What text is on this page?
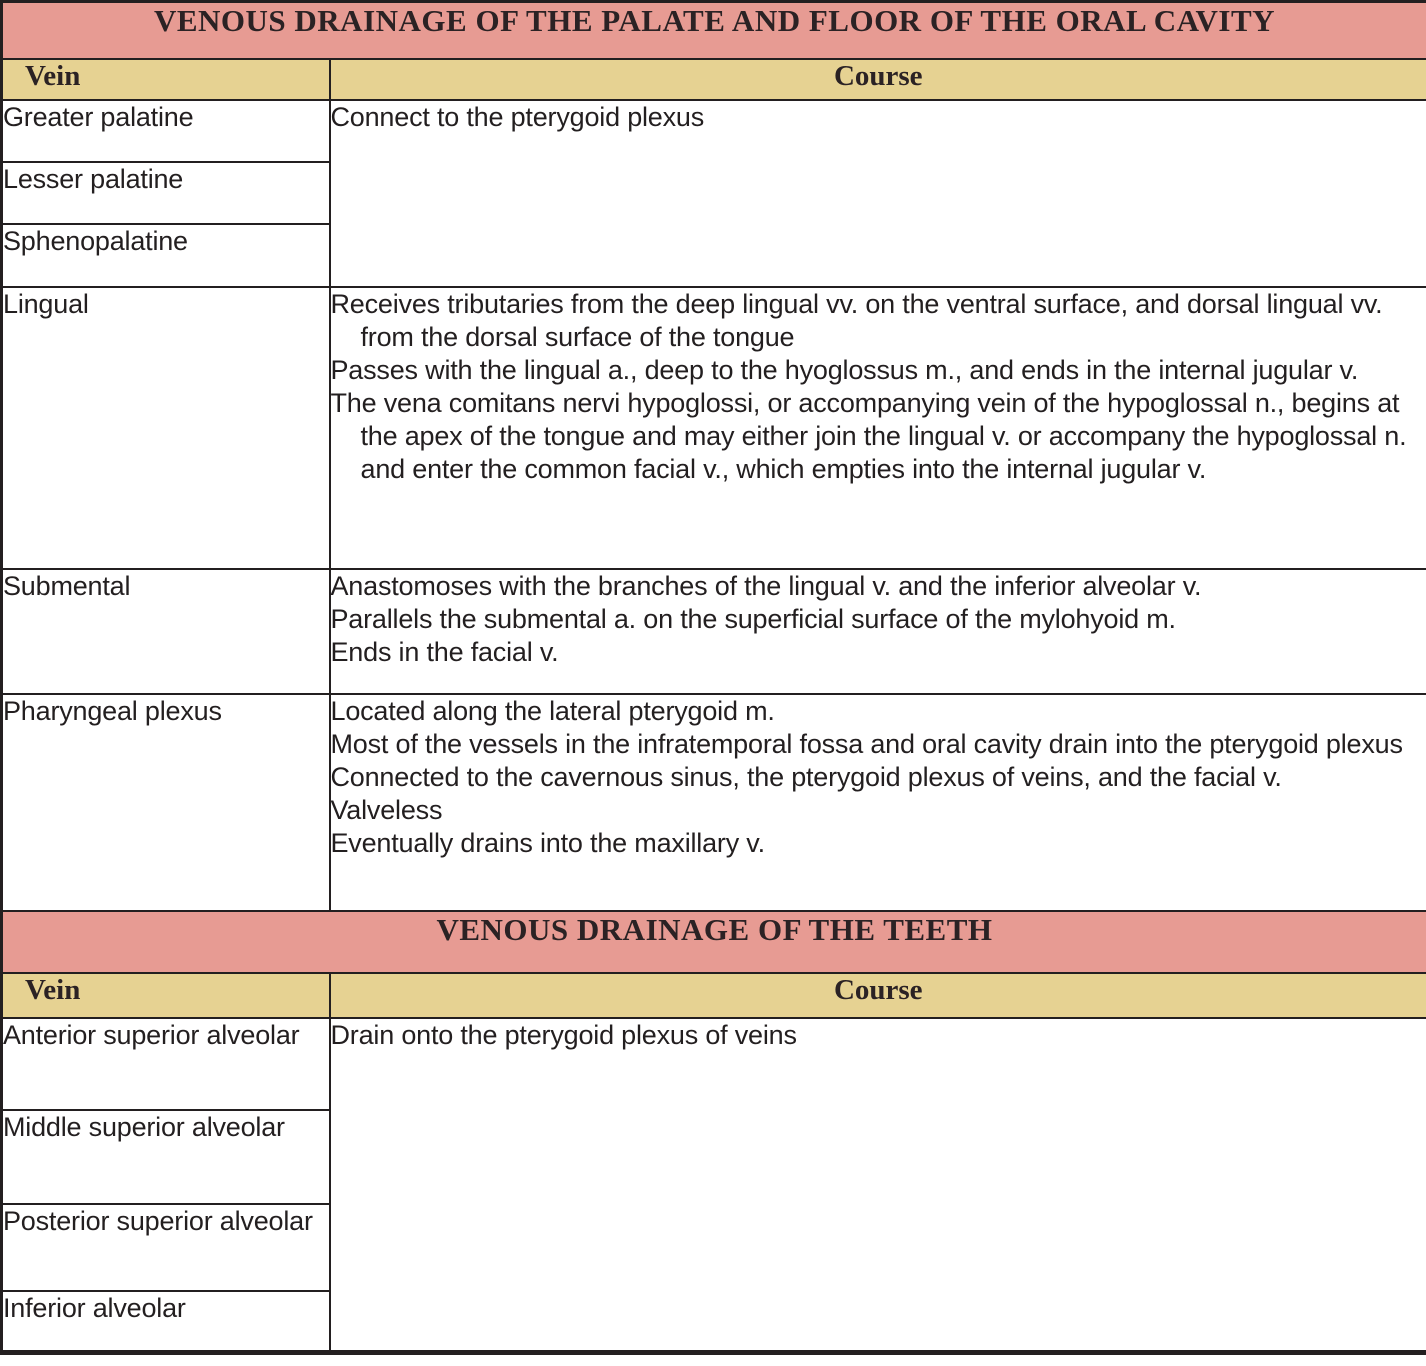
VENOUS DRAINAGE OF THE PALATE AND FLOOR OF THE ORAL CAVITY	
Vein	Course

Greater palatine	Connect to the pterygoid plexus

Lesser palatine	

Sphenopalatine	

Lingual	Receives tributaries from the deep lingual vv. on the ventral surface, and dorsal lingual vv. from the dorsal surface of the tongue

Passes with the lingual a., deep to the hyoglossus m., and ends in the internal jugular v.

The vena comitans nervi hypoglossi, or accompanying vein of the hypoglossal n., begins at the apex of the tongue and may either join the lingual v. or accompany the hypoglossal n. and enter the common facial v., which empties into the internal jugular v.

Submental	Anastomoses with the branches of the lingual v. and the inferior alveolar v.

Parallels the submental a. on the superficial surface of the mylohyoid m.

Ends in the facial v.

Pharyngeal plexus	Located along the lateral pterygoid m.

Most of the vessels in the infratemporal fossa and oral cavity drain into the pterygoid plexus

Connected to the cavernous sinus, the pterygoid plexus of veins, and the facial v.

Valveless

Eventually drains into the maxillary v.

VENOUS DRAINAGE OF THE TEETH	
Vein	Course

Anterior superior alveolar	Drain onto the pterygoid plexus of veins

Middle superior alveolar	

Posterior superior alveolar	

Inferior alveolar	
